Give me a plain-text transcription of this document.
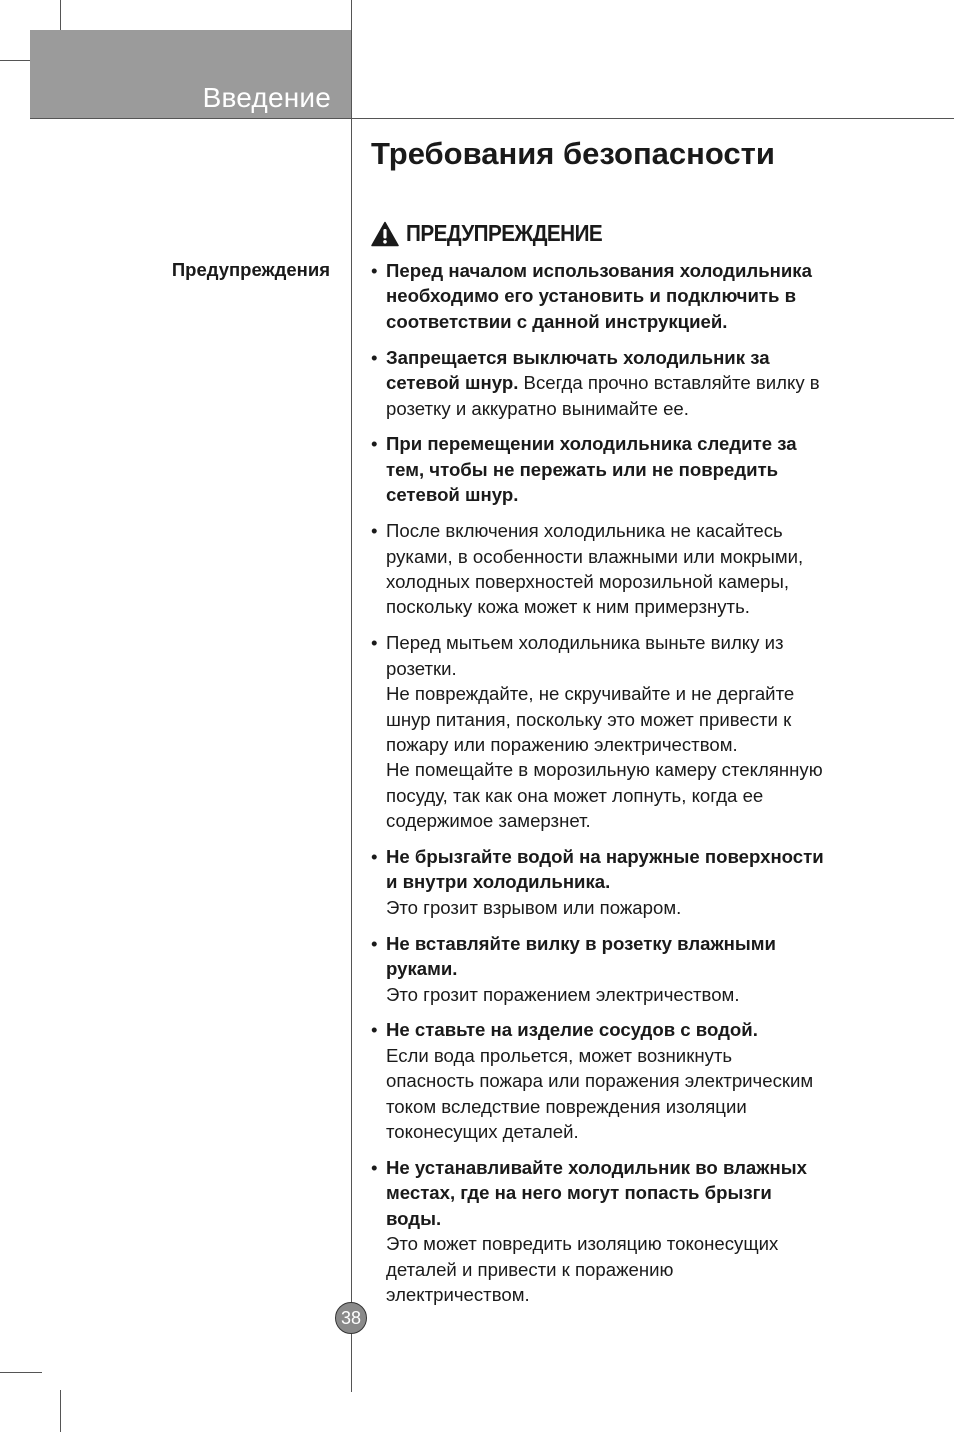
Введение
Требования безопасности
ПРЕДУПРЕЖДЕНИЕ
Предупреждения • Перед началом использования холодильника
необходимо его установить и подключить в
соответствии с данной инструкцией.
• Запрещается выключать холодильник за
сетевой шнур. Всегда прочно вставляйте вилку в
розетку и аккуратно вынимайте ее.
• При перемещении холодильника следите за
тем, чтобы не пережать или не повредить
сетевой шнур.
• После включения холодильника не касайтесь
руками, в особенности влажными или мокрыми,
холодных поверхностей морозильной камеры,
поскольку кожа может к ним примерзнуть.
• Перед мытьем холодильника выньте вилку из
розетки.
Не повреждайте, не скручивайте и не дергайте
шнур питания, поскольку это может привести к
пожару или поражению электричеством.
Не помещайте в морозильную камеру стеклянную
посуду, так как она может лопнуть, когда ее
содержимое замерзнет.
• Не брызгайте водой на наружные поверхности
и внутри холодильника.
Это грозит взрывом или пожаром.
• Не вставляйте вилку в розетку влажными
руками.
Это грозит поражением электричеством.
• Не ставьте на изделие сосудов с водой.
Если вода прольется, может возникнуть
опасность пожара или поражения электрическим
током вследствие повреждения изоляции
токонесущих деталей.
• Не устанавливайте холодильник во влажных
местах, где на него могут попасть брызги
воды.
Это может повредить изоляцию токонесущих
деталей и привести к поражению
электричеством.
38
